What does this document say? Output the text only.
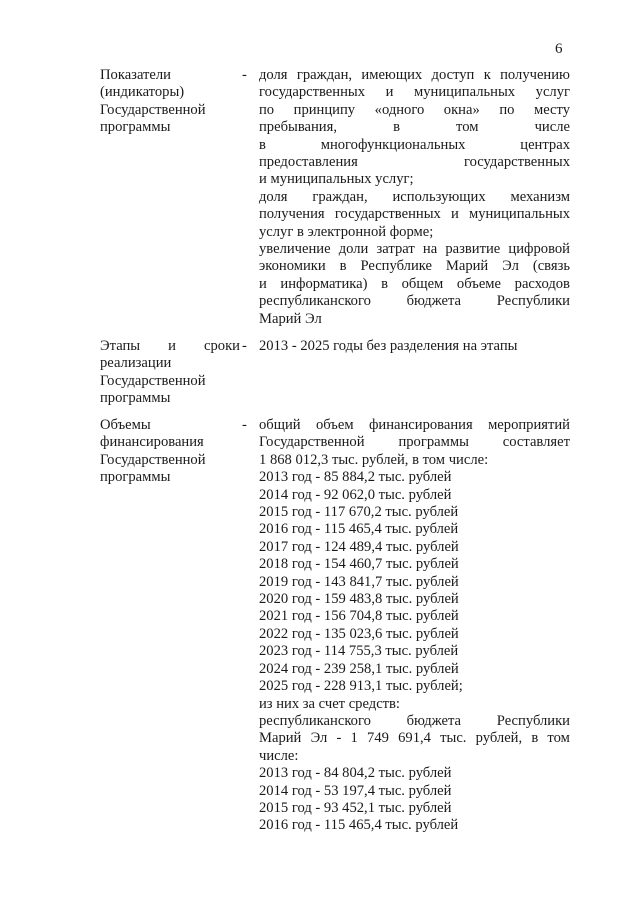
6
Показатели
(индикаторы)
Государственной
программы
- доля граждан, имеющих доступ к получению
государственных и муниципальных услуг
по принципу «одного окна» по месту
пребывания,	в	том	числе
в	многофункциональных	центрах
предоставления	государственных
и муниципальных услуг;
доля граждан, использующих механизм
получения государственных и муниципальных
услуг в электронной форме;
увеличение доли затрат на развитие цифровой
экономики в Республике Марий Эл (связь
и информатика) в общем объеме расходов
республиканского бюджета Республики
Марий Эл
Этапы и сроки
реализации
Государственной
программы
- 2013 - 2025 годы без разделения на этапы
Объемы
финансирования
Государственной
программы
- общий объем финансирования мероприятий
Государственной программы составляет
1 868 012,3 тыс. рублей, в том числе:
2013 год - 85 884,2 тыс. рублей
2014 год - 92 062,0 тыс. рублей
2015 год - 117 670,2 тыс. рублей
2016 год - 115 465,4 тыс. рублей
2017 год - 124 489,4 тыс. рублей
2018 год - 154 460,7 тыс. рублей
2019 год - 143 841,7 тыс. рублей
2020 год - 159 483,8 тыс. рублей
2021 год - 156 704,8 тыс. рублей
2022 год - 135 023,6 тыс. рублей
2023 год - 114 755,3 тыс. рублей
2024 год - 239 258,1 тыс. рублей
2025 год - 228 913,1 тыс. рублей;
из них за счет средств:
республиканского бюджета Республики
Марий Эл - 1 749 691,4 тыс. рублей, в том
числе:
2013 год - 84 804,2 тыс. рублей
2014 год - 53 197,4 тыс. рублей
2015 год - 93 452,1 тыс. рублей
2016 год - 115 465,4 тыс. рублей
